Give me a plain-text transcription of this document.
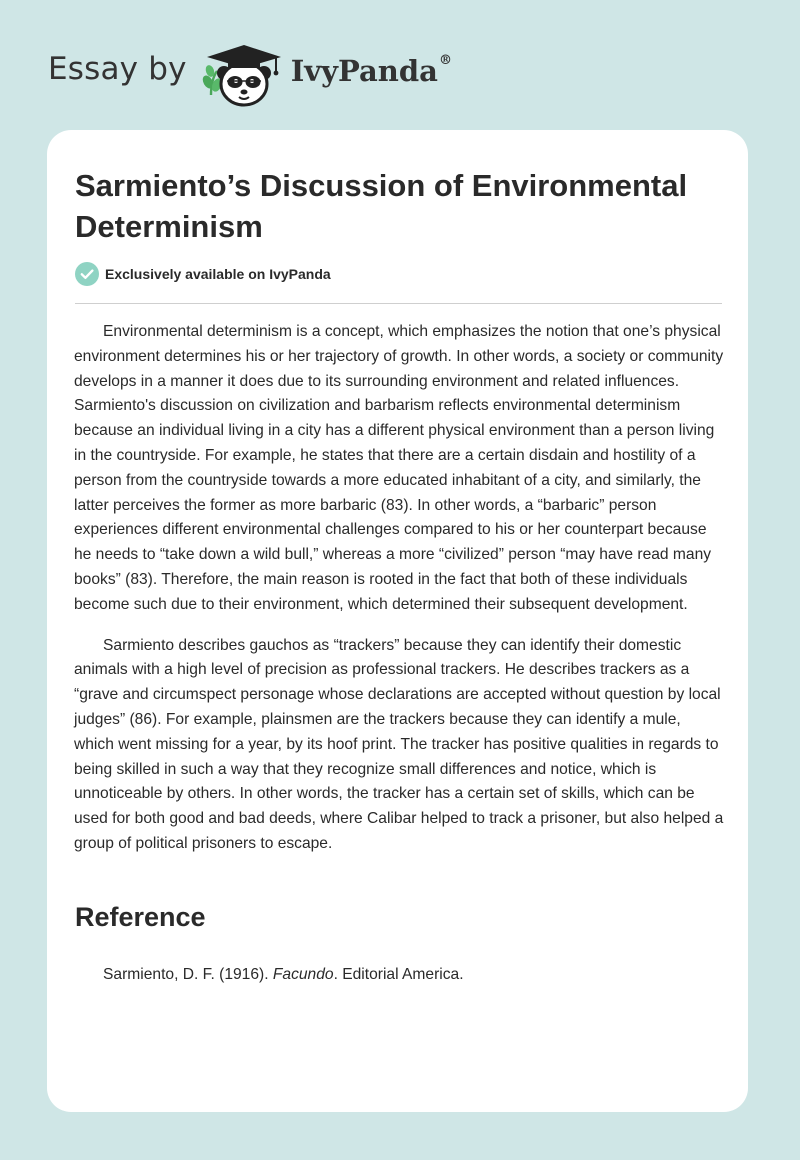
Essay by	IvyPanda®
Sarmiento’s Discussion of Environmental Determinism
Exclusively available on IvyPanda

Environmental determinism is a concept, which emphasizes the notion that one’s physical environment determines his or her trajectory of growth. In other words, a society or community develops in a manner it does due to its surrounding environment and related influences. Sarmiento's discussion on civilization and barbarism reflects environmental determinism because an individual living in a city has a different physical environment than a person living in the countryside. For example, he states that there are a certain disdain and hostility of a person from the countryside towards a more educated inhabitant of a city, and similarly, the latter perceives the former as more barbaric (83). In other words, a “barbaric” person experiences different environmental challenges compared to his or her counterpart because he needs to “take down a wild bull,” whereas a more “civilized” person “may have read many books” (83). Therefore, the main reason is rooted in the fact that both of these individuals become such due to their environment, which determined their subsequent development.

Sarmiento describes gauchos as “trackers” because they can identify their domestic animals with a high level of precision as professional trackers. He describes trackers as a “grave and circumspect personage whose declarations are accepted without question by local judges” (86). For example, plainsmen are the trackers because they can identify a mule, which went missing for a year, by its hoof print. The tracker has positive qualities in regards to being skilled in such a way that they recognize small differences and notice, which is unnoticeable by others. In other words, the tracker has a certain set of skills, which can be used for both good and bad deeds, where Calibar helped to track a prisoner, but also helped a group of political prisoners to escape.

Reference
Sarmiento, D. F. (1916). Facundo. Editorial America.
